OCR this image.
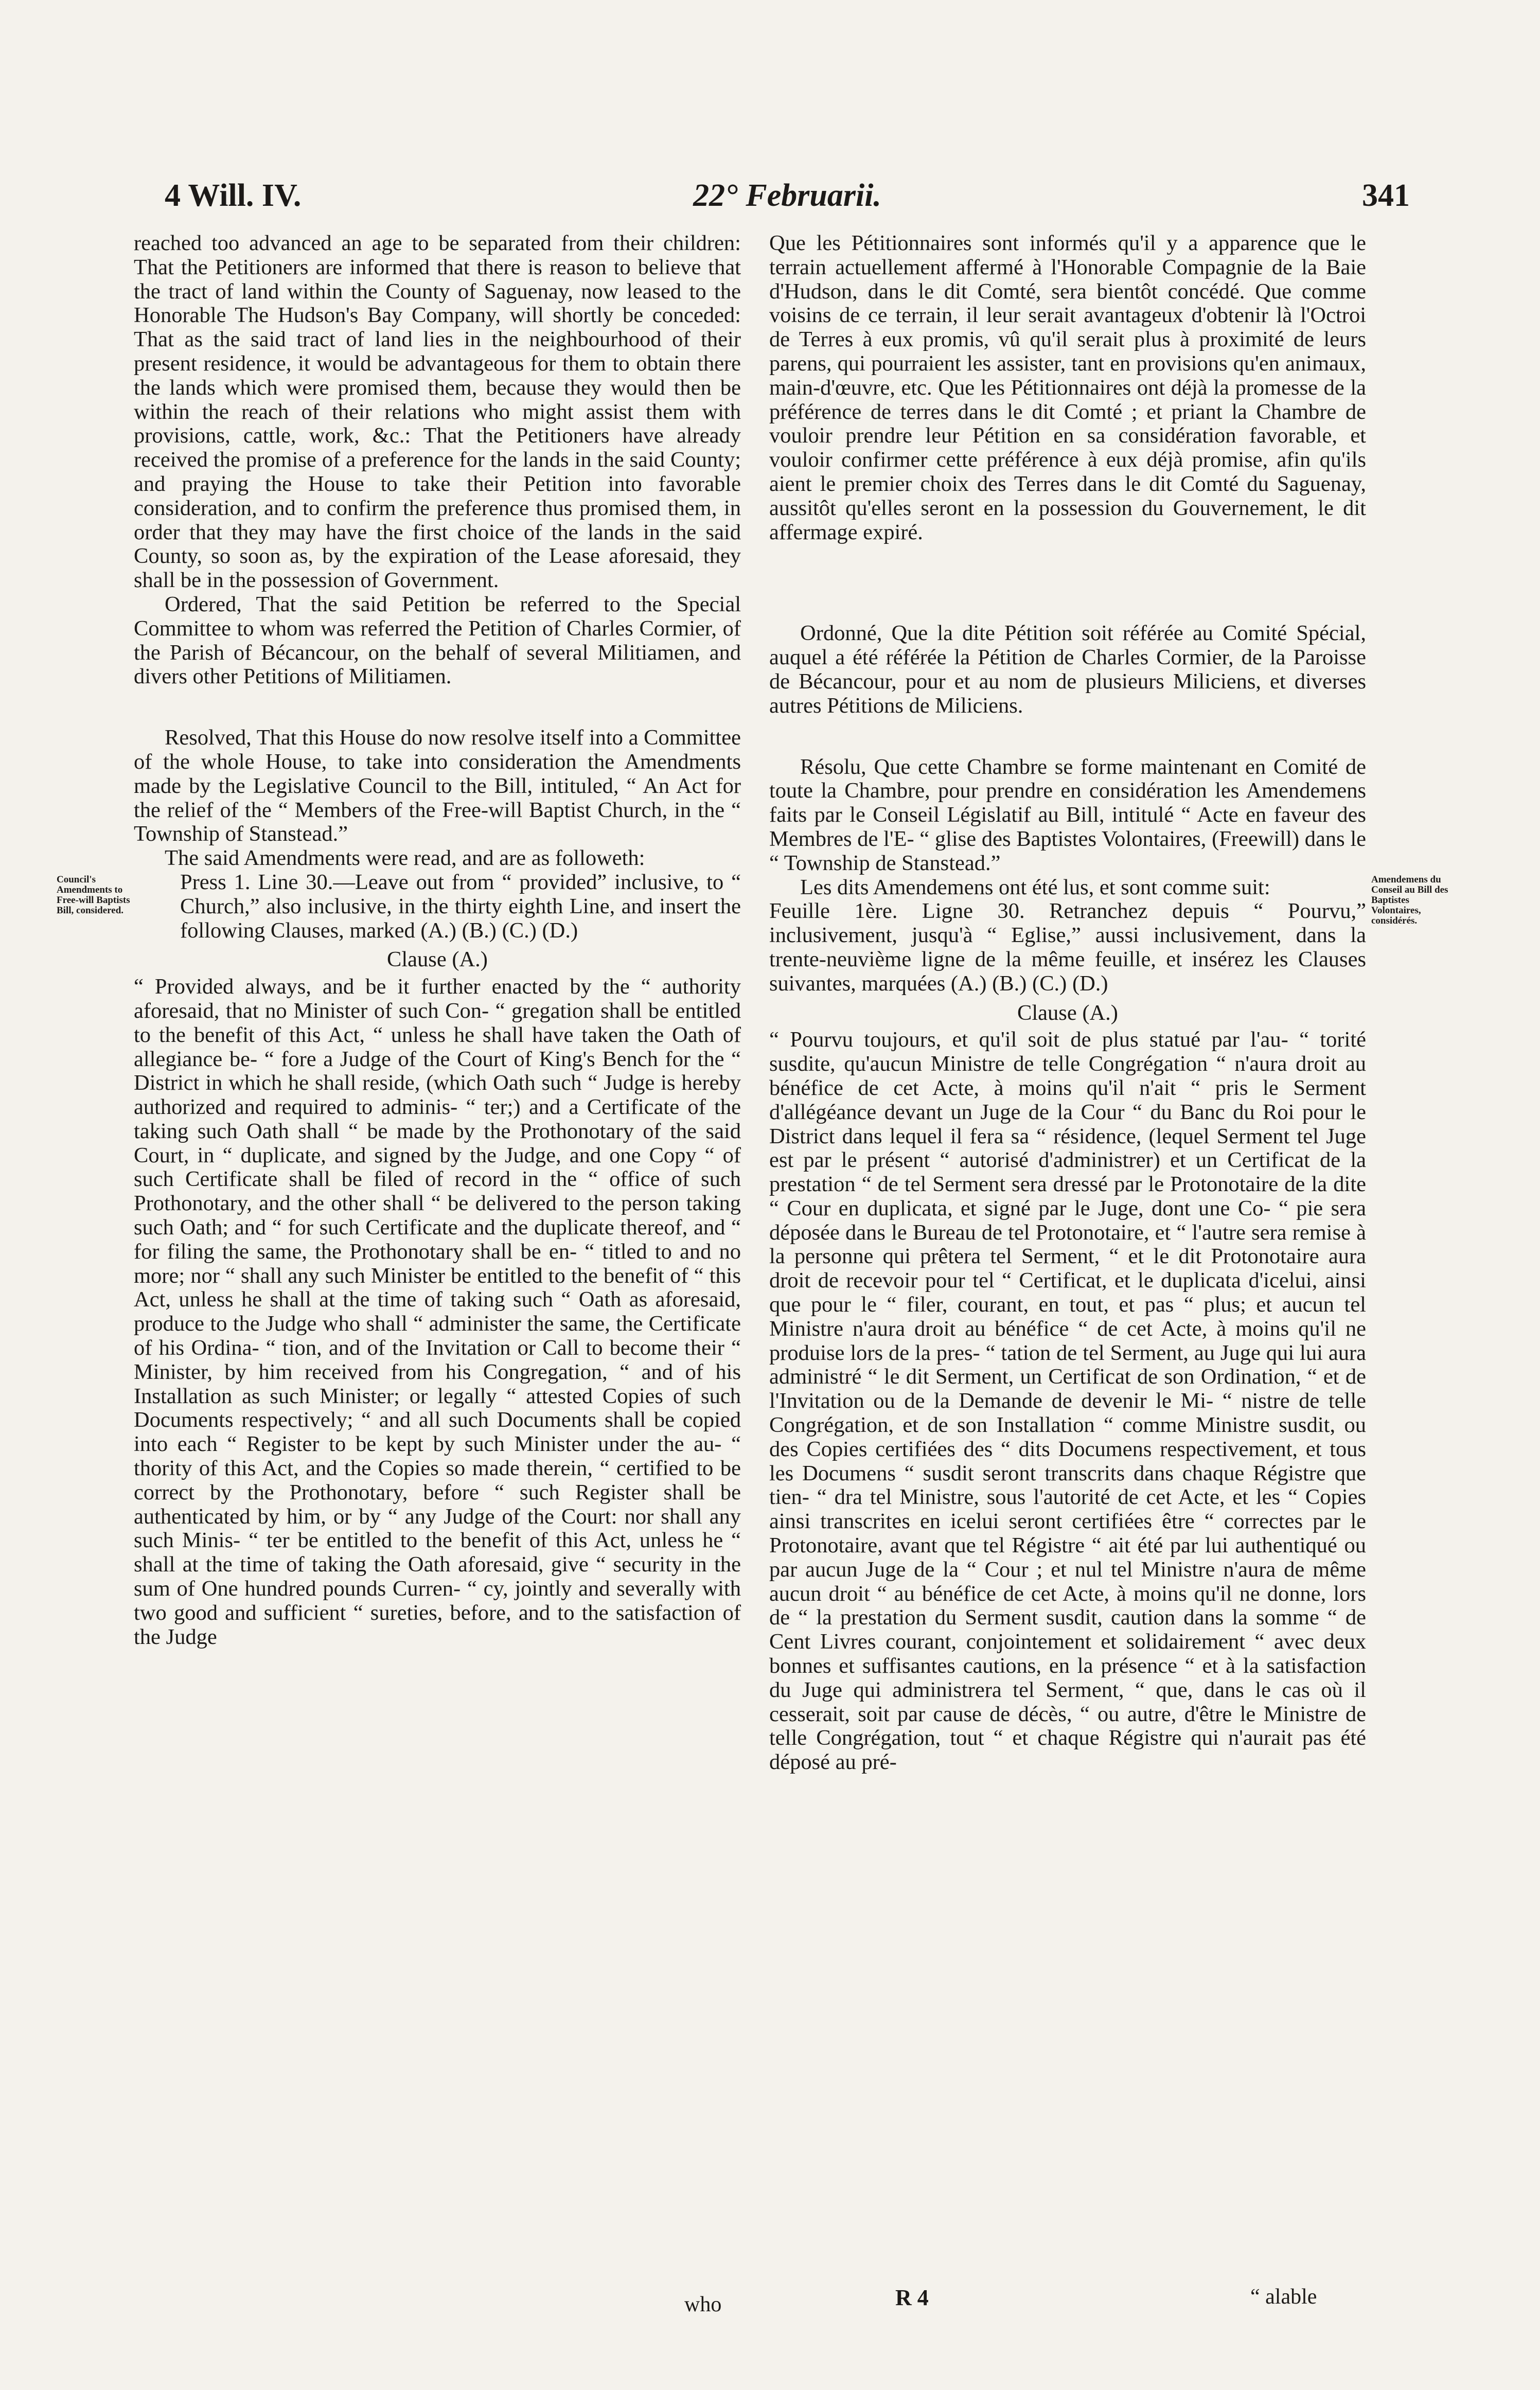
4 Will. IV.	22° Februarii.	341
Council's Amendments to Free-will Baptists Bill, considered.
Amendemens du Conseil au Bill des Baptistes Volontaires, considérés.

reached too advanced an age to be separated from their children: That the Petitioners are informed that there is reason to believe that the tract of land within the County of Saguenay, now leased to the Honorable The Hudson's Bay Company, will shortly be conceded: That as the said tract of land lies in the neighbourhood of their present residence, it would be advantageous for them to obtain there the lands which were promised them, because they would then be within the reach of their relations who might assist them with provisions, cattle, work, &c.: That the Petitioners have already received the promise of a preference for the lands in the said County; and praying the House to take their Petition into favorable consideration, and to confirm the preference thus promised them, in order that they may have the first choice of the lands in the said County, so soon as, by the expiration of the Lease aforesaid, they shall be in the possession of Government.

Ordered, That the said Petition be referred to the Special Committee to whom was referred the Petition of Charles Cormier, of the Parish of Bécancour, on the behalf of several Militiamen, and divers other Petitions of Militiamen.

Resolved, That this House do now resolve itself into a Committee of the whole House, to take into consideration the Amendments made by the Legislative Council to the Bill, intituled, “ An Act for the relief of the “ Members of the Free-will Baptist Church, in the “ Township of Stanstead.”

The said Amendments were read, and are as followeth:

Press 1. Line 30.—Leave out from “ provided” inclusive, to “ Church,” also inclusive, in the thirty eighth Line, and insert the following Clauses, marked (A.) (B.) (C.) (D.)

Clause (A.)

“ Provided always, and be it further enacted by the “ authority aforesaid, that no Minister of such Con- “ gregation shall be entitled to the benefit of this Act, “ unless he shall have taken the Oath of allegiance be- “ fore a Judge of the Court of King's Bench for the “ District in which he shall reside, (which Oath such “ Judge is hereby authorized and required to adminis- “ ter;) and a Certificate of the taking such Oath shall “ be made by the Prothonotary of the said Court, in “ duplicate, and signed by the Judge, and one Copy “ of such Certificate shall be filed of record in the “ office of such Prothonotary, and the other shall “ be delivered to the person taking such Oath; and “ for such Certificate and the duplicate thereof, and “ for filing the same, the Prothonotary shall be en- “ titled to and no more; nor “ shall any such Minister be entitled to the benefit of “ this Act, unless he shall at the time of taking such “ Oath as aforesaid, produce to the Judge who shall “ administer the same, the Certificate of his Ordina- “ tion, and of the Invitation or Call to become their “ Minister, by him received from his Congregation, “ and of his Installation as such Minister; or legally “ attested Copies of such Documents respectively; “ and all such Documents shall be copied into each “ Register to be kept by such Minister under the au- “ thority of this Act, and the Copies so made therein, “ certified to be correct by the Prothonotary, before “ such Register shall be authenticated by him, or by “ any Judge of the Court: nor shall any such Minis- “ ter be entitled to the benefit of this Act, unless he “ shall at the time of taking the Oath aforesaid, give “ security in the sum of One hundred pounds Curren- “ cy, jointly and severally with two good and sufficient “ sureties, before, and to the satisfaction of the Judge

Que les Pétitionnaires sont informés qu'il y a apparence que le terrain actuellement affermé à l'Honorable Compagnie de la Baie d'Hudson, dans le dit Comté, sera bientôt concédé. Que comme voisins de ce terrain, il leur serait avantageux d'obtenir là l'Octroi de Terres à eux promis, vû qu'il serait plus à proximité de leurs parens, qui pourraient les assister, tant en provisions qu'en animaux, main-d'œuvre, etc. Que les Pétitionnaires ont déjà la promesse de la préférence de terres dans le dit Comté ; et priant la Chambre de vouloir prendre leur Pétition en sa considération favorable, et vouloir confirmer cette préférence à eux déjà promise, afin qu'ils aient le premier choix des Terres dans le dit Comté du Saguenay, aussitôt qu'elles seront en la possession du Gouvernement, le dit affermage expiré.

Ordonné, Que la dite Pétition soit référée au Comité Spécial, auquel a été référée la Pétition de Charles Cormier, de la Paroisse de Bécancour, pour et au nom de plusieurs Miliciens, et diverses autres Pétitions de Miliciens.

Résolu, Que cette Chambre se forme maintenant en Comité de toute la Chambre, pour prendre en considération les Amendemens faits par le Conseil Législatif au Bill, intitulé “ Acte en faveur des Membres de l'E- “ glise des Baptistes Volontaires, (Freewill) dans le “ Township de Stanstead.”

Les dits Amendemens ont été lus, et sont comme suit:

Feuille 1ère. Ligne 30. Retranchez depuis “ Pourvu,” inclusivement, jusqu'à “ Eglise,” aussi inclusivement, dans la trente-neuvième ligne de la même feuille, et insérez les Clauses suivantes, marquées (A.) (B.) (C.) (D.)

Clause (A.)

“ Pourvu toujours, et qu'il soit de plus statué par l'au- “ torité susdite, qu'aucun Ministre de telle Congrégation “ n'aura droit au bénéfice de cet Acte, à moins qu'il n'ait “ pris le Serment d'allégéance devant un Juge de la Cour “ du Banc du Roi pour le District dans lequel il fera sa “ résidence, (lequel Serment tel Juge est par le présent “ autorisé d'administrer) et un Certificat de la prestation “ de tel Serment sera dressé par le Protonotaire de la dite “ Cour en duplicata, et signé par le Juge, dont une Co- “ pie sera déposée dans le Bureau de tel Protonotaire, et “ l'autre sera remise à la personne qui prêtera tel Serment, “ et le dit Protonotaire aura droit de recevoir pour tel “ Certificat, et le duplicata d'icelui, ainsi que pour le “ filer, courant, en tout, et pas “ plus; et aucun tel Ministre n'aura droit au bénéfice “ de cet Acte, à moins qu'il ne produise lors de la pres- “ tation de tel Serment, au Juge qui lui aura administré “ le dit Serment, un Certificat de son Ordination, “ et de l'Invitation ou de la Demande de devenir le Mi- “ nistre de telle Congrégation, et de son Installation “ comme Ministre susdit, ou des Copies certifiées des “ dits Documens respectivement, et tous les Documens “ susdit seront transcrits dans chaque Régistre que tien- “ dra tel Ministre, sous l'autorité de cet Acte, et les “ Copies ainsi transcrites en icelui seront certifiées être “ correctes par le Protonotaire, avant que tel Régistre “ ait été par lui authentiqué ou par aucun Juge de la “ Cour ; et nul tel Ministre n'aura de même aucun droit “ au bénéfice de cet Acte, à moins qu'il ne donne, lors de “ la prestation du Serment susdit, caution dans la somme “ de Cent Livres courant, conjointement et solidairement “ avec deux bonnes et suffisantes cautions, en la présence “ et à la satisfaction du Juge qui administrera tel Serment, “ que, dans le cas où il cesserait, soit par cause de décès, “ ou autre, d'être le Ministre de telle Congrégation, tout “ et chaque Régistre qui n'aurait pas été déposé au pré-

who	R 4	“ alable
